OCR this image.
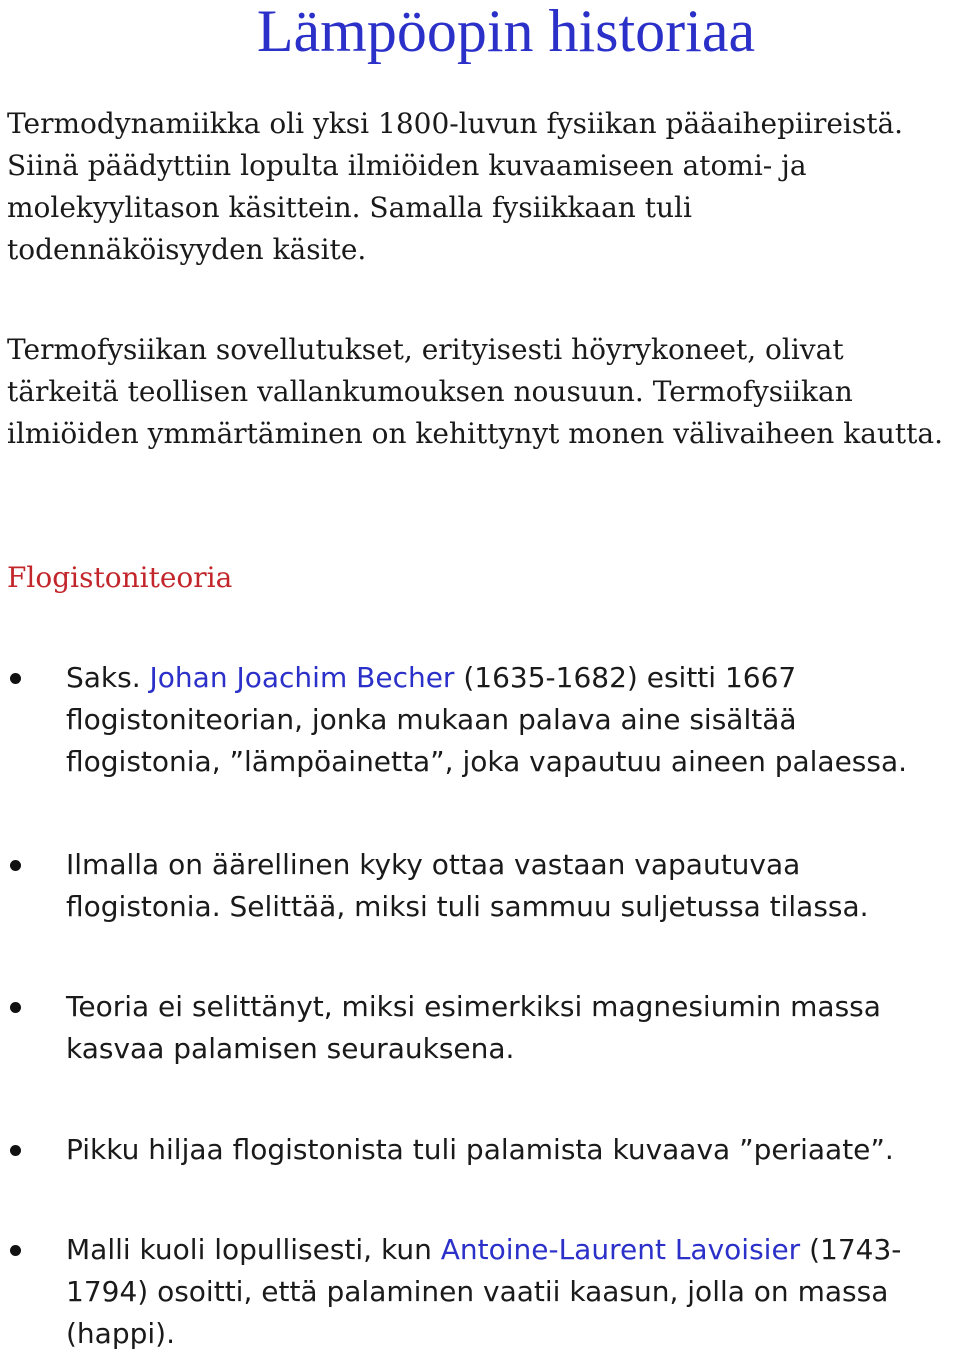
Lämpöopin historiaa

Termodynamiikka oli yksi 1800-luvun fysiikan pääaihepiireistä. Siinä päädyttiin lopulta ilmiöiden kuvaamiseen atomi- ja molekyylitason käsittein. Samalla fysiikkaan tuli todennäköisyyden käsite.

Termofysiikan sovellutukset, erityisesti höyrykoneet, olivat tärkeitä teollisen vallankumouksen nousuun. Termofysiikan ilmiöiden ymmärtäminen on kehittynyt monen välivaiheen kautta.

Flogistoniteoria
Saks. Johan Joachim Becher (1635-1682) esitti 1667 flogistoniteorian, jonka mukaan palava aine sisältää flogistonia, ”lämpöainetta”, joka vapautuu aineen palaessa.
Ilmalla on äärellinen kyky ottaa vastaan vapautuvaa flogistonia. Selittää, miksi tuli sammuu suljetussa tilassa.
Teoria ei selittänyt, miksi esimerkiksi magnesiumin massa kasvaa palamisen seurauksena.
Pikku hiljaa flogistonista tuli palamista kuvaava ”periaate”.
Malli kuoli lopullisesti, kun Antoine-Laurent Lavoisier (1743-1794) osoitti, että palaminen vaatii kaasun, jolla on massa (happi).
